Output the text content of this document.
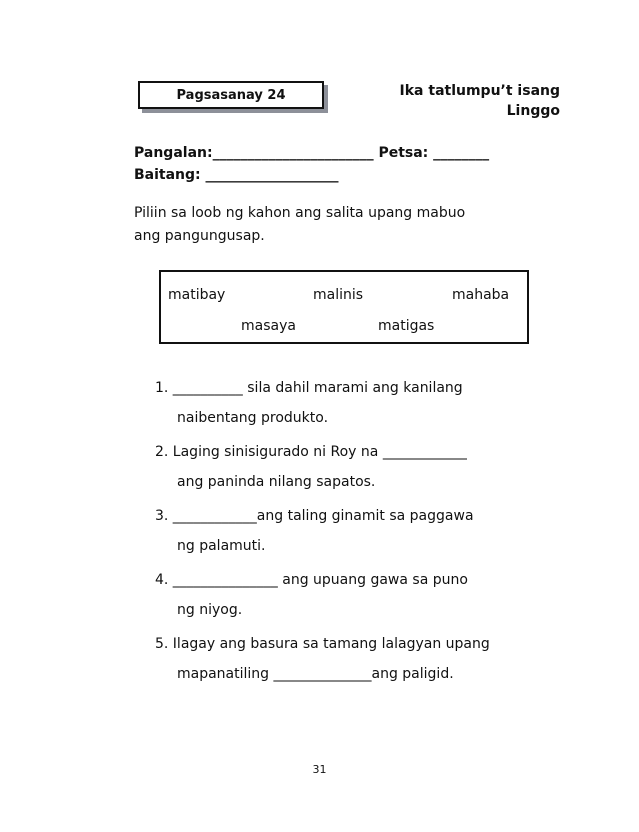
Pagsasanay 24	Ika tatlumpu’t isang
Linggo
Pangalan:_______________________ Petsa: ________
Baitang: ___________________
Piliin sa loob ng kahon ang salita upang mabuo
ang pangungusap.
matibay	malinis	mahaba
masaya	matigas
1. __________ sila dahil marami ang kanilang
naibentang produkto.
2. Laging sinisigurado ni Roy na ____________
ang paninda nilang sapatos.
3. ____________ang taling ginamit sa paggawa
ng palamuti.
4. _______________ ang upuang gawa sa puno
ng niyog.
5. Ilagay ang basura sa tamang lalagyan upang
mapanatiling ______________ang paligid.
31
